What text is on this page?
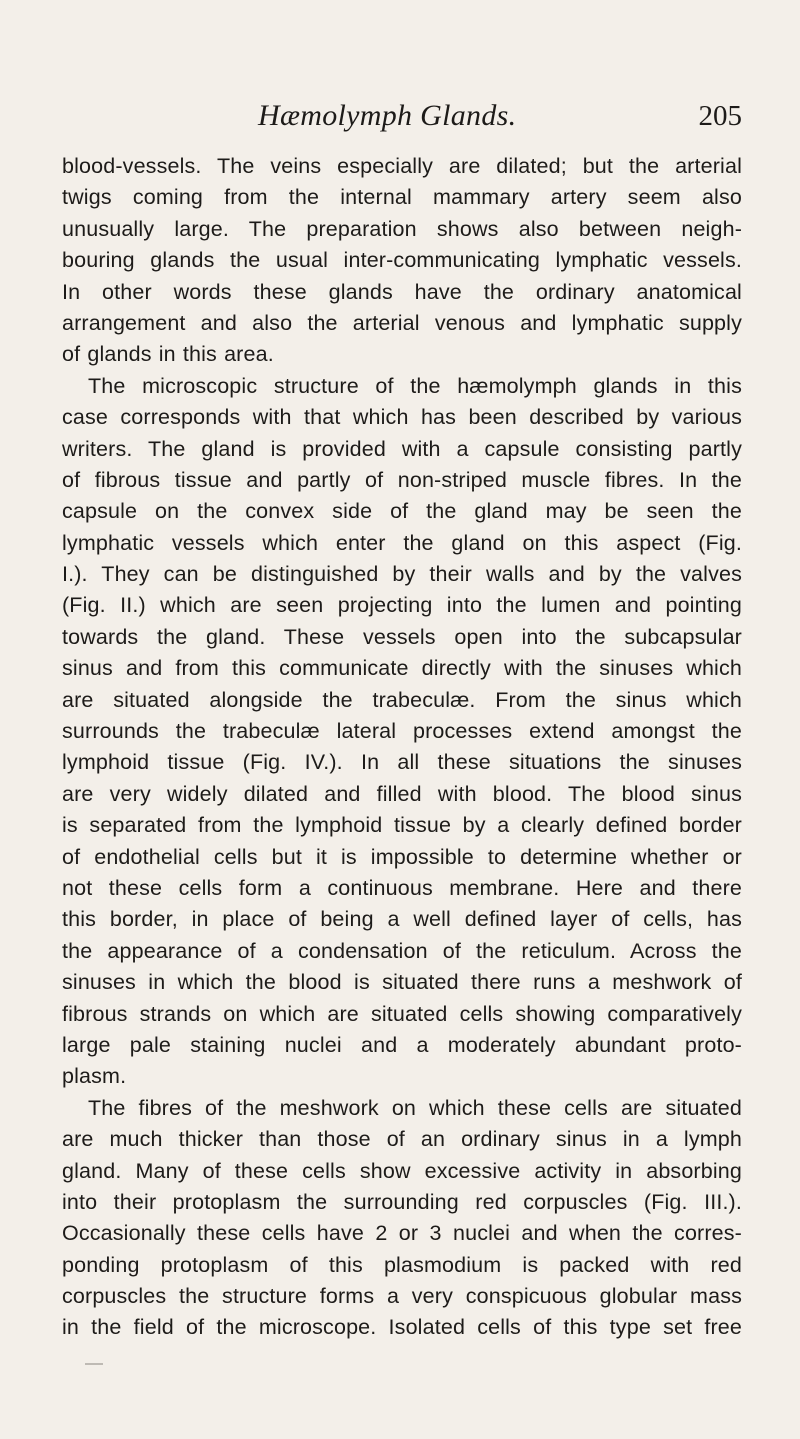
Hæmolymph Glands.	205
blood-vessels. The veins especially are dilated; but the arterial
twigs coming from the internal mammary artery seem also
unusually large. The preparation shows also between neigh-
bouring glands the usual inter-communicating lymphatic vessels.
In other words these glands have the ordinary anatomical
arrangement and also the arterial venous and lymphatic supply
of glands in this area.
The microscopic structure of the hæmolymph glands in this
case corresponds with that which has been described by various
writers. The gland is provided with a capsule consisting partly
of fibrous tissue and partly of non-striped muscle fibres. In the
capsule on the convex side of the gland may be seen the
lymphatic vessels which enter the gland on this aspect (Fig.
I.). They can be distinguished by their walls and by the valves
(Fig. II.) which are seen projecting into the lumen and pointing
towards the gland. These vessels open into the subcapsular
sinus and from this communicate directly with the sinuses which
are situated alongside the trabeculæ. From the sinus which
surrounds the trabeculæ lateral processes extend amongst the
lymphoid tissue (Fig. IV.). In all these situations the sinuses
are very widely dilated and filled with blood. The blood sinus
is separated from the lymphoid tissue by a clearly defined border
of endothelial cells but it is impossible to determine whether or
not these cells form a continuous membrane. Here and there
this border, in place of being a well defined layer of cells, has
the appearance of a condensation of the reticulum. Across the
sinuses in which the blood is situated there runs a meshwork of
fibrous strands on which are situated cells showing comparatively
large pale staining nuclei and a moderately abundant proto-
plasm.
The fibres of the meshwork on which these cells are situated
are much thicker than those of an ordinary sinus in a lymph
gland. Many of these cells show excessive activity in absorbing
into their protoplasm the surrounding red corpuscles (Fig. III.).
Occasionally these cells have 2 or 3 nuclei and when the corres-
ponding protoplasm of this plasmodium is packed with red
corpuscles the structure forms a very conspicuous globular mass
in the field of the microscope. Isolated cells of this type set free
